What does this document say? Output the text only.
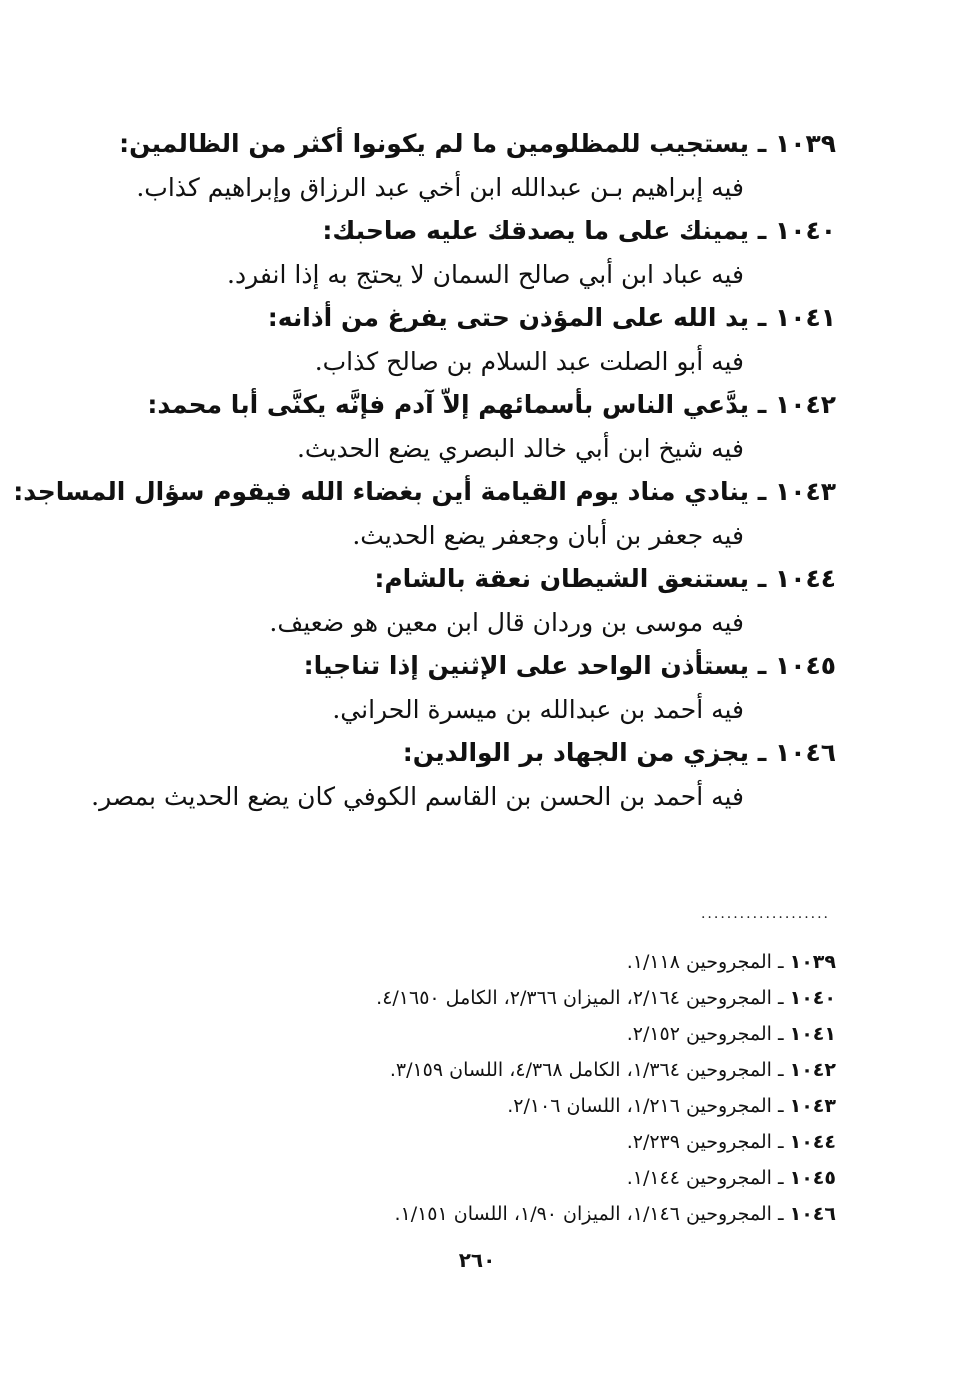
١٠٣٩ ـ يستجيب للمظلومين ما لم يكونوا أكثر من الظالمين:
فيه إبراهيم بـن عبدالله ابن أخي عبد الرزاق وإبراهيم كذاب.
١٠٤٠ ـ يمينك على ما يصدقك عليه صاحبك:
فيه عباد ابن أبي صالح السمان لا يحتج به إذا انفرد.
١٠٤١ ـ يد الله على المؤذن حتى يفرغ من أذانه:
فيه أبو الصلت عبد السلام بن صالح كذاب.
١٠٤٢ ـ يدَّعي الناس بأسمائهم إلاّ آدم فإنَّه يكنَّى أبا محمد:
فيه شيخ ابن أبي خالد البصري يضع الحديث.
١٠٤٣ ـ ينادي مناد يوم القيامة أين بغضاء الله فيقوم سؤال المساجد:
فيه جعفر بن أبان وجعفر يضع الحديث.
١٠٤٤ ـ يستنعق الشيطان نعقة بالشام:
فيه موسى بن وردان قال ابن معين هو ضعيف.
١٠٤٥ ـ يستأذن الواحد على الإثنين إذا تناجيا:
فيه أحمد بن عبدالله بن ميسرة الحراني.
١٠٤٦ ـ يجزي من الجهاد بر الوالدين:
فيه أحمد بن الحسن بن القاسم الكوفي كان يضع الحديث بمصر.
....................
١٠٣٩ ـ المجروحين ١/١١٨.
١٠٤٠ ـ المجروحين ٢/١٦٤، الميزان ٢/٣٦٦، الكامل ٤/١٦٥٠.
١٠٤١ ـ المجروحين ٢/١٥٢.
١٠٤٢ ـ المجروحين ١/٣٦٤، الكامل ٤/٣٦٨، اللسان ٣/١٥٩.
١٠٤٣ ـ المجروحين ١/٢١٦، اللسان ٢/١٠٦.
١٠٤٤ ـ المجروحين ٢/٢٣٩.
١٠٤٥ ـ المجروحين ١/١٤٤.
١٠٤٦ ـ المجروحين ١/١٤٦، الميزان ١/٩٠، اللسان ١/١٥١.
٢٦٠
